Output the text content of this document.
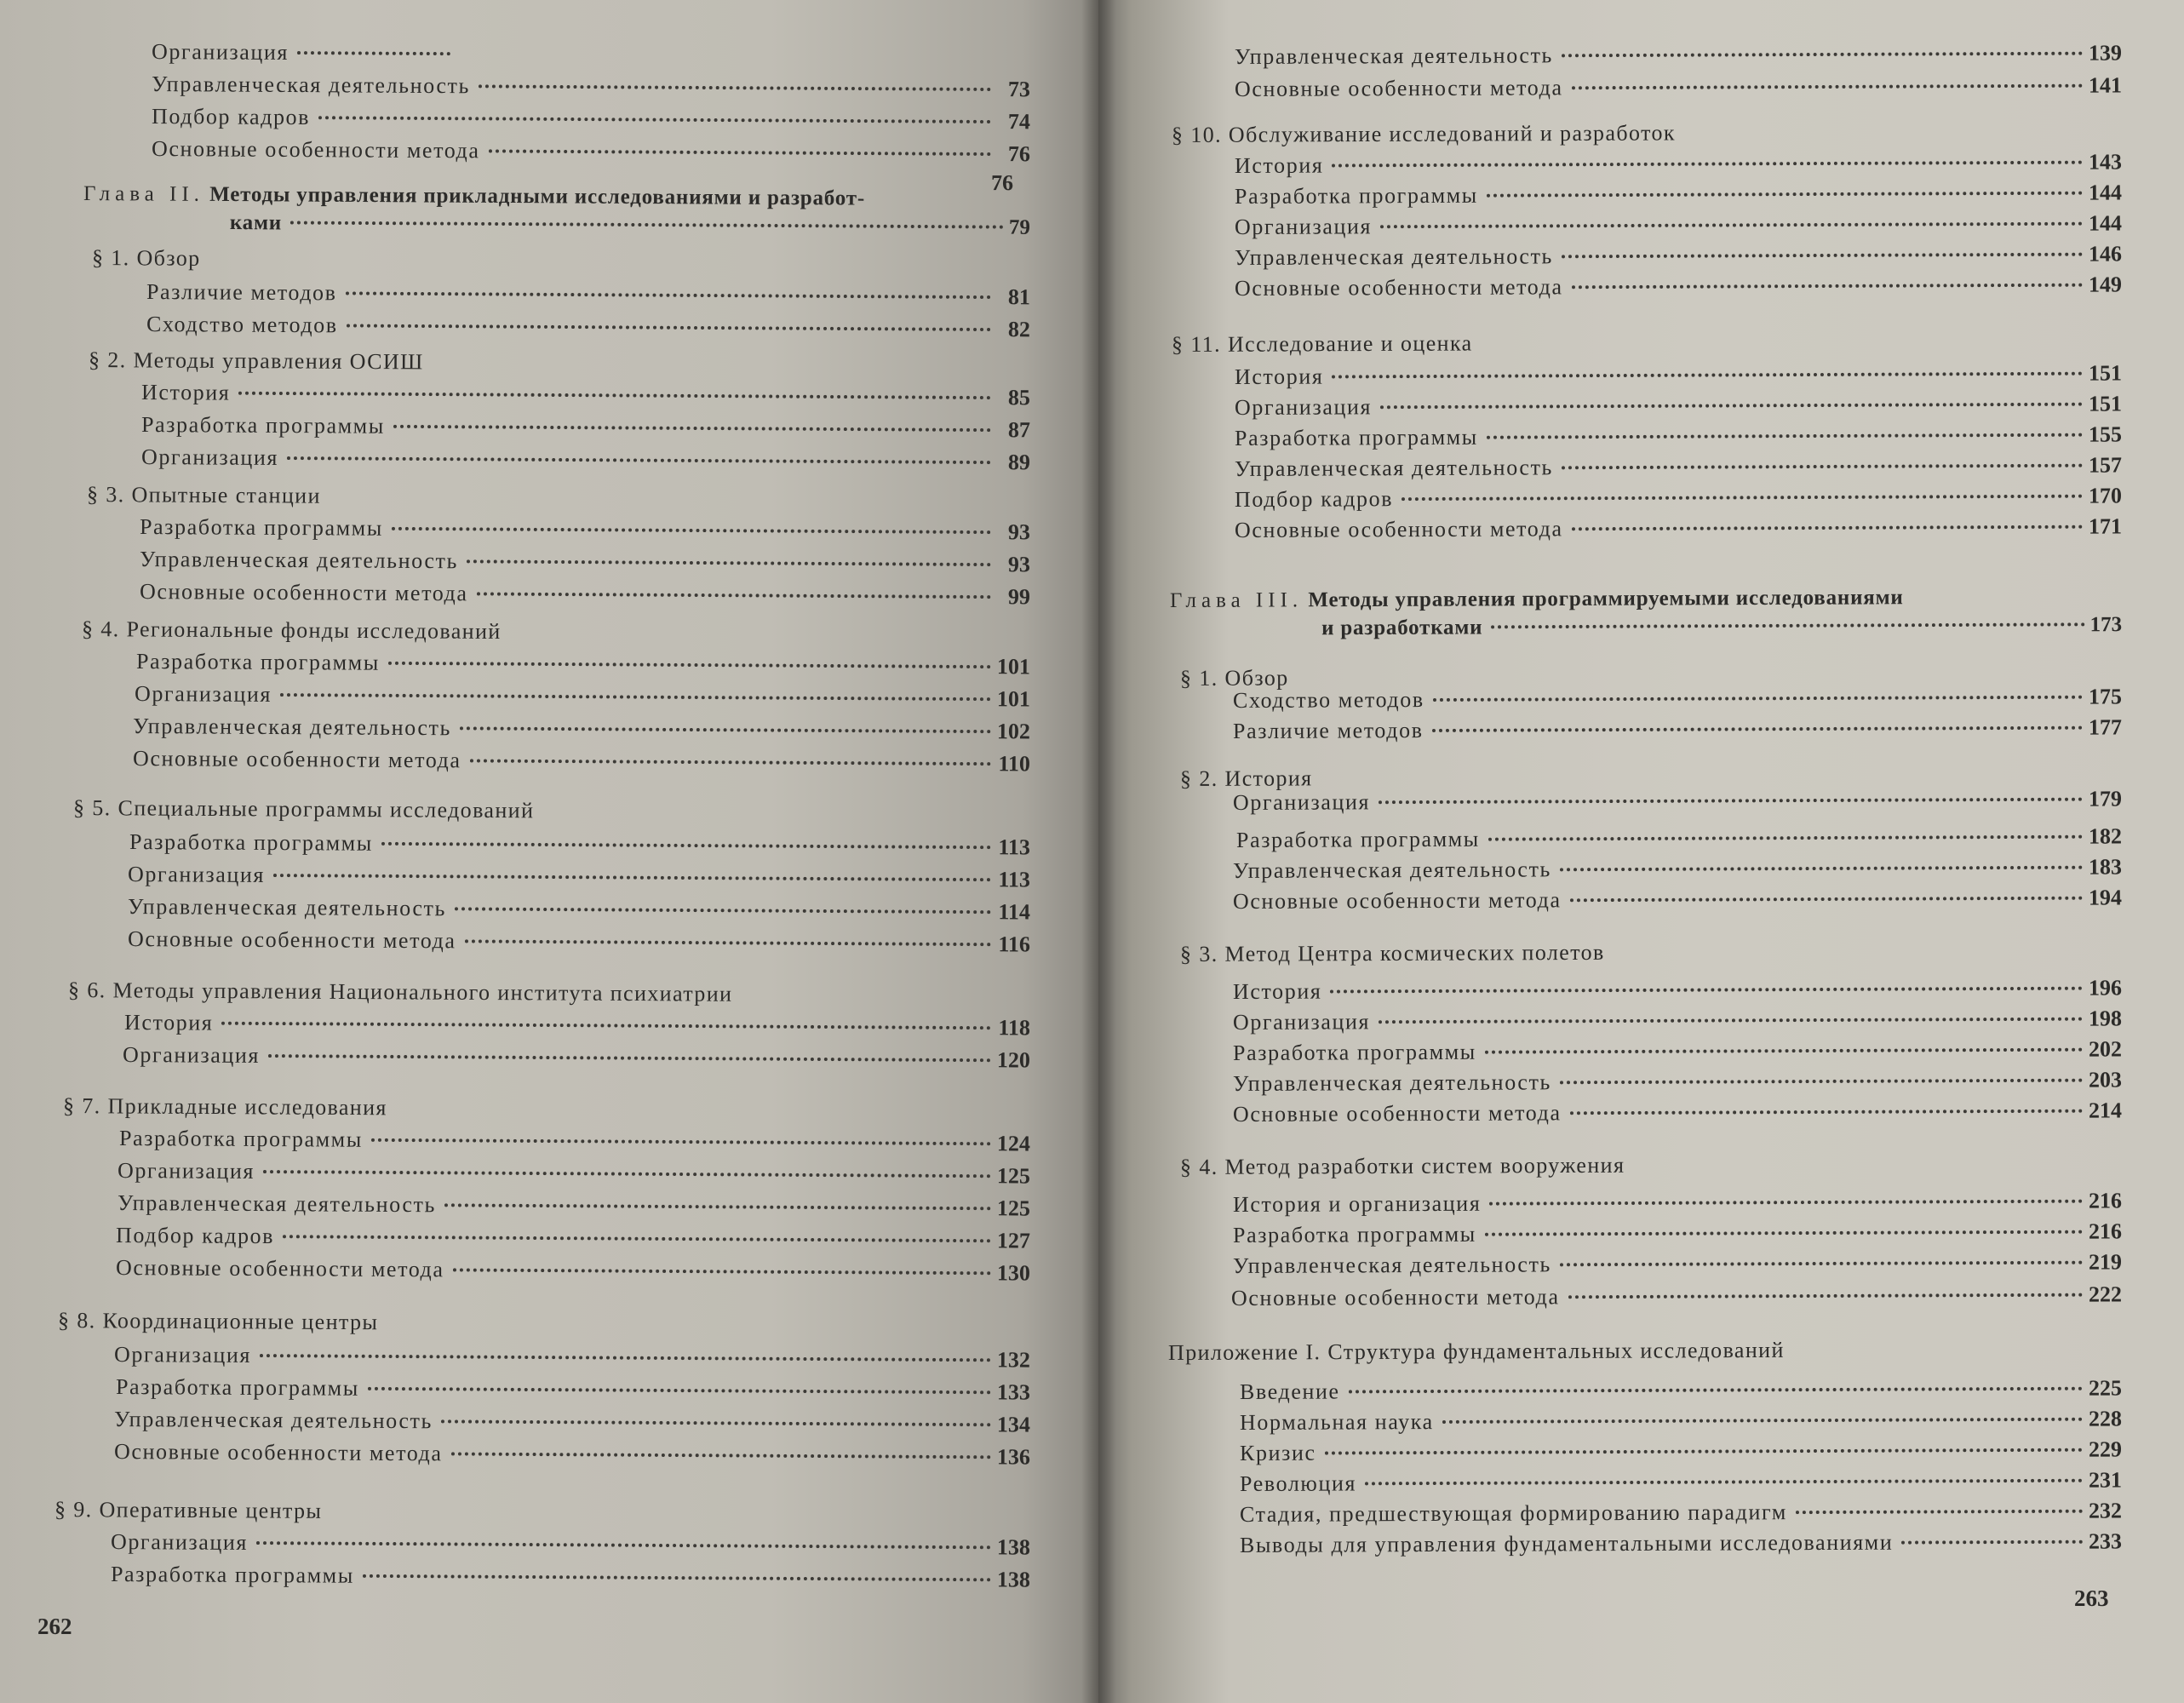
Организация
Управленческая деятельность	73
Подбор кадров	74
Основные особенности метода	76
76
Глава II. Методы управления прикладными исследованиями и разработ-
ками	79
§ 1. Обзор
Различие методов	81
Сходство методов	82
§ 2. Методы управления ОСИШ
История	85
Разработка программы	87
Организация	89
§ 3. Опытные станции
Разработка программы	93
Управленческая деятельность	93
Основные особенности метода	99
§ 4. Региональные фонды исследований
Разработка программы	101
Организация	101
Управленческая деятельность	102
Основные особенности метода	110
§ 5. Специальные программы исследований
Разработка программы	113
Организация	113
Управленческая деятельность	114
Основные особенности метода	116
§ 6. Методы управления Национального института психиатрии
История	118
Организация	120
§ 7. Прикладные исследования
Разработка программы	124
Организация	125
Управленческая деятельность	125
Подбор кадров	127
Основные особенности метода	130
§ 8. Координационные центры
Организация	132
Разработка программы	133
Управленческая деятельность	134
Основные особенности метода	136
§ 9. Оперативные центры
Организация	138
Разработка программы	138
262
Управленческая деятельность	139
Основные особенности метода	141
§ 10. Обслуживание исследований и разработок
История	143
Разработка программы	144
Организация	144
Управленческая деятельность	146
Основные особенности метода	149
§ 11. Исследование и оценка
История	151
Организация	151
Разработка программы	155
Управленческая деятельность	157
Подбор кадров	170
Основные особенности метода	171
Глава III. Методы управления программируемыми исследованиями
и разработками	173
§ 1. Обзор
Сходство методов	175
Различие методов	177
§ 2. История
Организация	179
Разработка программы	182
Управленческая деятельность	183
Основные особенности метода	194
§ 3. Метод Центра космических полетов
История	196
Организация	198
Разработка программы	202
Управленческая деятельность	203
Основные особенности метода	214
§ 4. Метод разработки систем вооружения
История и организация	216
Разработка программы	216
Управленческая деятельность	219
Основные особенности метода	222
Приложение I. Структура фундаментальных исследований
Введение	225
Нормальная наука	228
Кризис	229
Революция	231
Стадия, предшествующая формированию парадигм	232
Выводы для управления фундаментальными исследованиями	233
263
